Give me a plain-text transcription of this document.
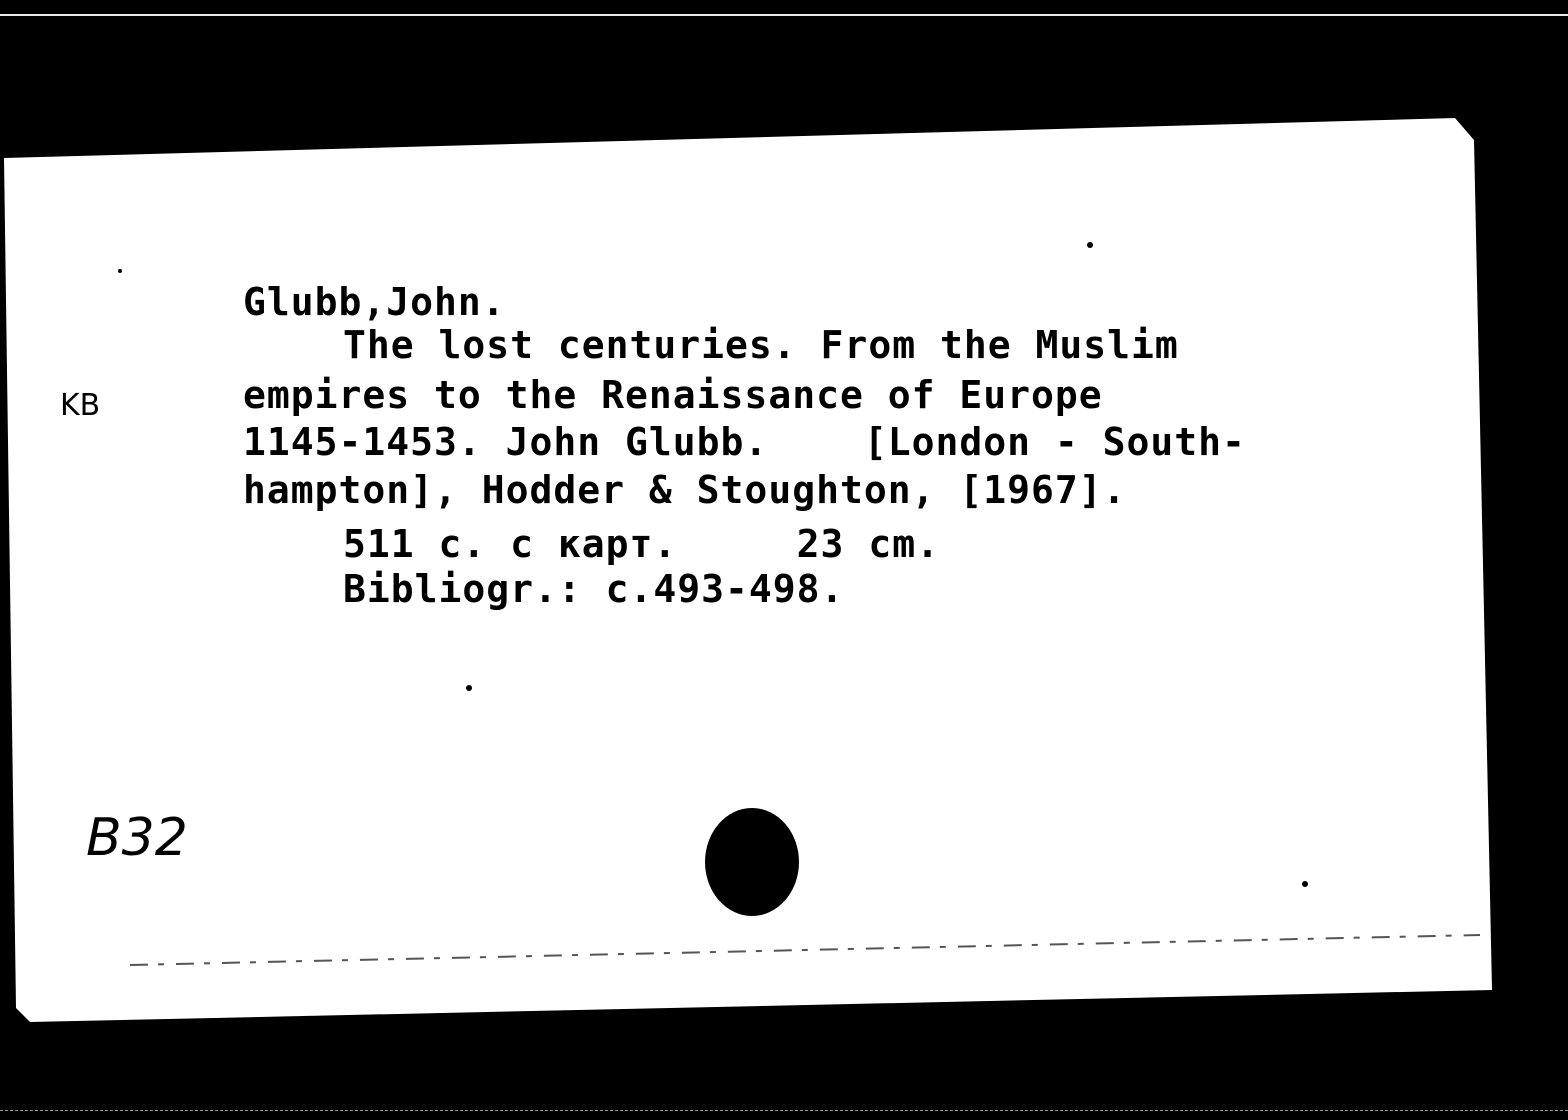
KB
Glubb,John.
The lost centuries. From the Muslim
empires to the Renaissance of Europe
1145-1453. John Glubb.    [London - South-
hampton], Hodder & Stoughton, [1967].
511 с. с карт.     23 cm.
Bibliogr.: c.493-498.
B32
